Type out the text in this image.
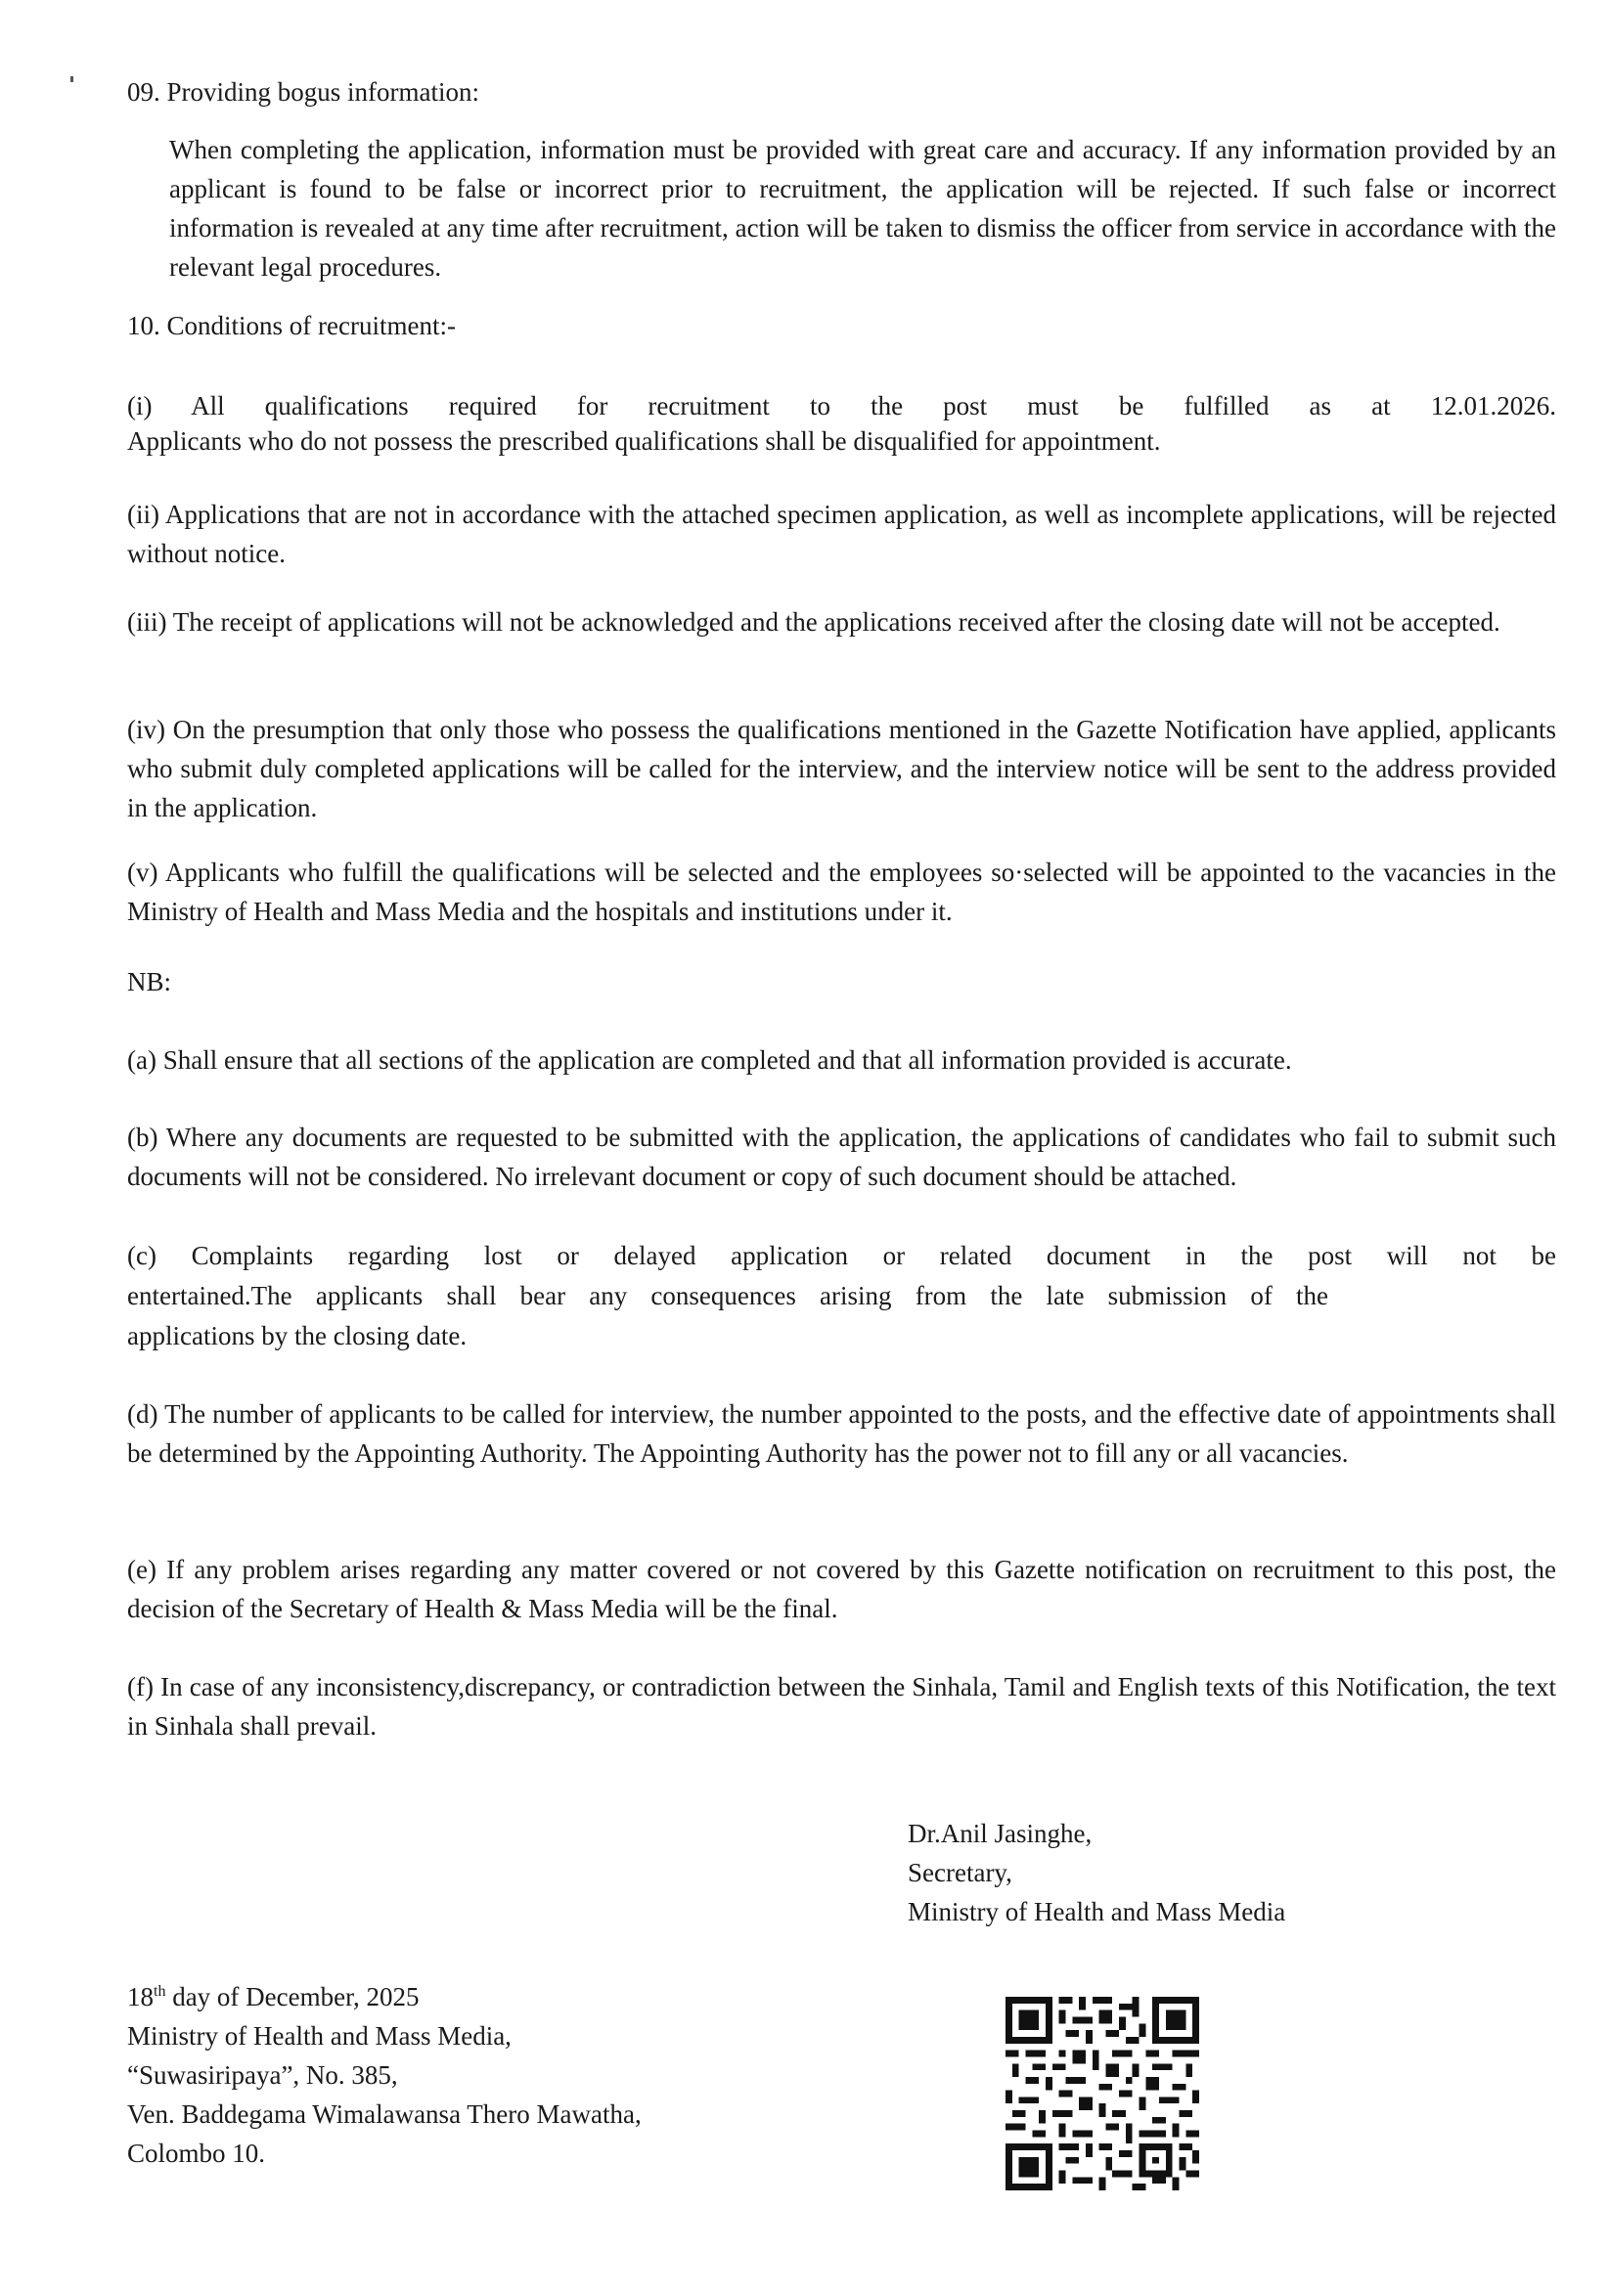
09. Providing bogus information:

When completing the application, information must be provided with great care and accuracy. If any information provided by an applicant is found to be false or incorrect prior to recruitment, the application will be rejected. If such false or incorrect information is revealed at any time after recruitment, action will be taken to dismiss the officer from service in accordance with the relevant legal procedures.

10. Conditions of recruitment:-

(i) All qualifications required for recruitment to the post must be fulfilled as at 12.01.2026.

Applicants who do not possess the prescribed qualifications shall be disqualified for appointment.

(ii) Applications that are not in accordance with the attached specimen application, as well as incomplete applications, will be rejected without notice.

(iii) The receipt of applications will not be acknowledged and the applications received after the closing date will not be accepted.

(iv) On the presumption that only those who possess the qualifications mentioned in the Gazette Notification have applied, applicants who submit duly completed applications will be called for the interview, and the interview notice will be sent to the address provided in the application.

(v) Applicants who fulfill the qualifications will be selected and the employees so·selected will be appointed to the vacancies in the Ministry of Health and Mass Media and the hospitals and institutions under it.

NB:

(a) Shall ensure that all sections of the application are completed and that all information provided is accurate.

(b) Where any documents are requested to be submitted with the application, the applications of candidates who fail to submit such documents will not be considered. No irrelevant document or copy of such document should be attached.

(c) Complaints regarding lost or delayed application or related document in the post will not be

entertained.The applicants shall bear any consequences arising from the late submission of the

applications by the closing date.

(d) The number of applicants to be called for interview, the number appointed to the posts, and the effective date of appointments shall be determined by the Appointing Authority. The Appointing Authority has the power not to fill any or all vacancies.

(e) If any problem arises regarding any matter covered or not covered by this Gazette notification on recruitment to this post, the decision of the Secretary of Health & Mass Media will be the final.

(f) In case of any inconsistency,discrepancy, or contradiction between the Sinhala, Tamil and English texts of this Notification, the text in Sinhala shall prevail.

Dr.Anil Jasinghe,
Secretary,
Ministry of Health and Mass Media
18th day of December, 2025
Ministry of Health and Mass Media,
“Suwasiripaya”, No. 385,
Ven. Baddegama Wimalawansa Thero Mawatha,
Colombo 10.
